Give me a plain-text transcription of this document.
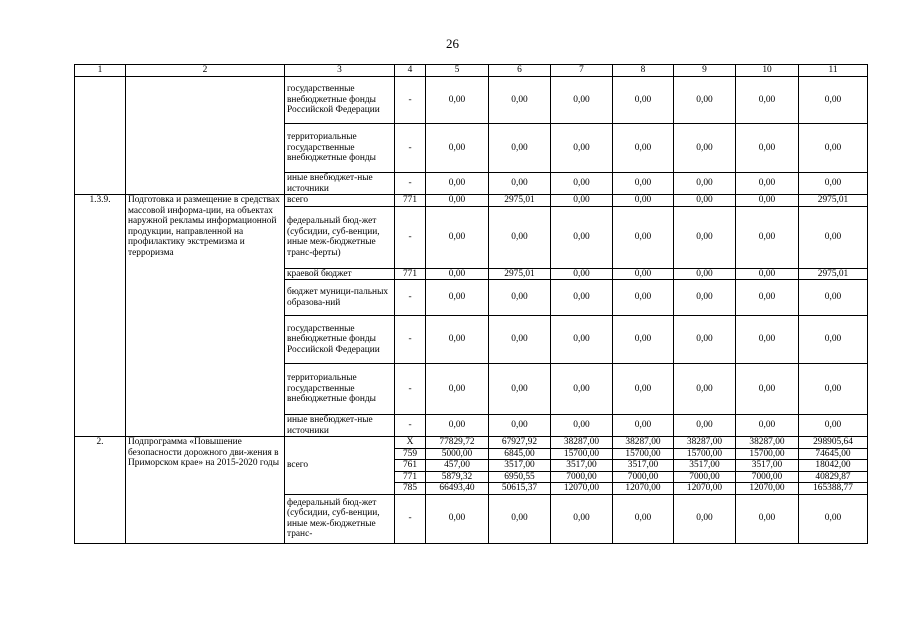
26
1	2	3	4	5	6	7	8	9	10	11
		государственные внебюджетные фонды Российской Федерации	-	0,00	0,00	0,00	0,00	0,00	0,00	0,00
		территориальные государственные внебюджетные фонды	-	0,00	0,00	0,00	0,00	0,00	0,00	0,00
		иные внебюджет-ные источники	-	0,00	0,00	0,00	0,00	0,00	0,00	0,00
1.3.9.	Подготовка и размещение в средствах массовой информа-ции, на объектах наружной рекламы информационной продукции, направленной на профилактику экстремизма и терроризма	всего	771	0,00	2975,01	0,00	0,00	0,00	0,00	2975,01
		федеральный бюд-жет (субсидии, суб-венции, иные меж-бюджетные транс-ферты)	-	0,00	0,00	0,00	0,00	0,00	0,00	0,00
		краевой бюджет	771	0,00	2975,01	0,00	0,00	0,00	0,00	2975,01
		бюджет муници-пальных образова-ний	-	0,00	0,00	0,00	0,00	0,00	0,00	0,00
		государственные внебюджетные фонды Российской Федерации	-	0,00	0,00	0,00	0,00	0,00	0,00	0,00
		территориальные государственные внебюджетные фонды	-	0,00	0,00	0,00	0,00	0,00	0,00	0,00
		иные внебюджет-ные источники	-	0,00	0,00	0,00	0,00	0,00	0,00	0,00
2.	Подпрограмма «Повышение безопасности дорожного дви-жения в Приморском крае» на 2015-2020 годы	всего	X	77829,72	67927,92	38287,00	38287,00	38287,00	38287,00	298905,64
			759	5000,00	6845,00	15700,00	15700,00	15700,00	15700,00	74645,00
			761	457,00	3517,00	3517,00	3517,00	3517,00	3517,00	18042,00
			771	5879,32	6950,55	7000,00	7000,00	7000,00	7000,00	40829,87
			785	66493,40	50615,37	12070,00	12070,00	12070,00	12070,00	165388,77
		федеральный бюд-жет (субсидии, суб-венции, иные меж-бюджетные транс-	-	0,00	0,00	0,00	0,00	0,00	0,00	0,00
